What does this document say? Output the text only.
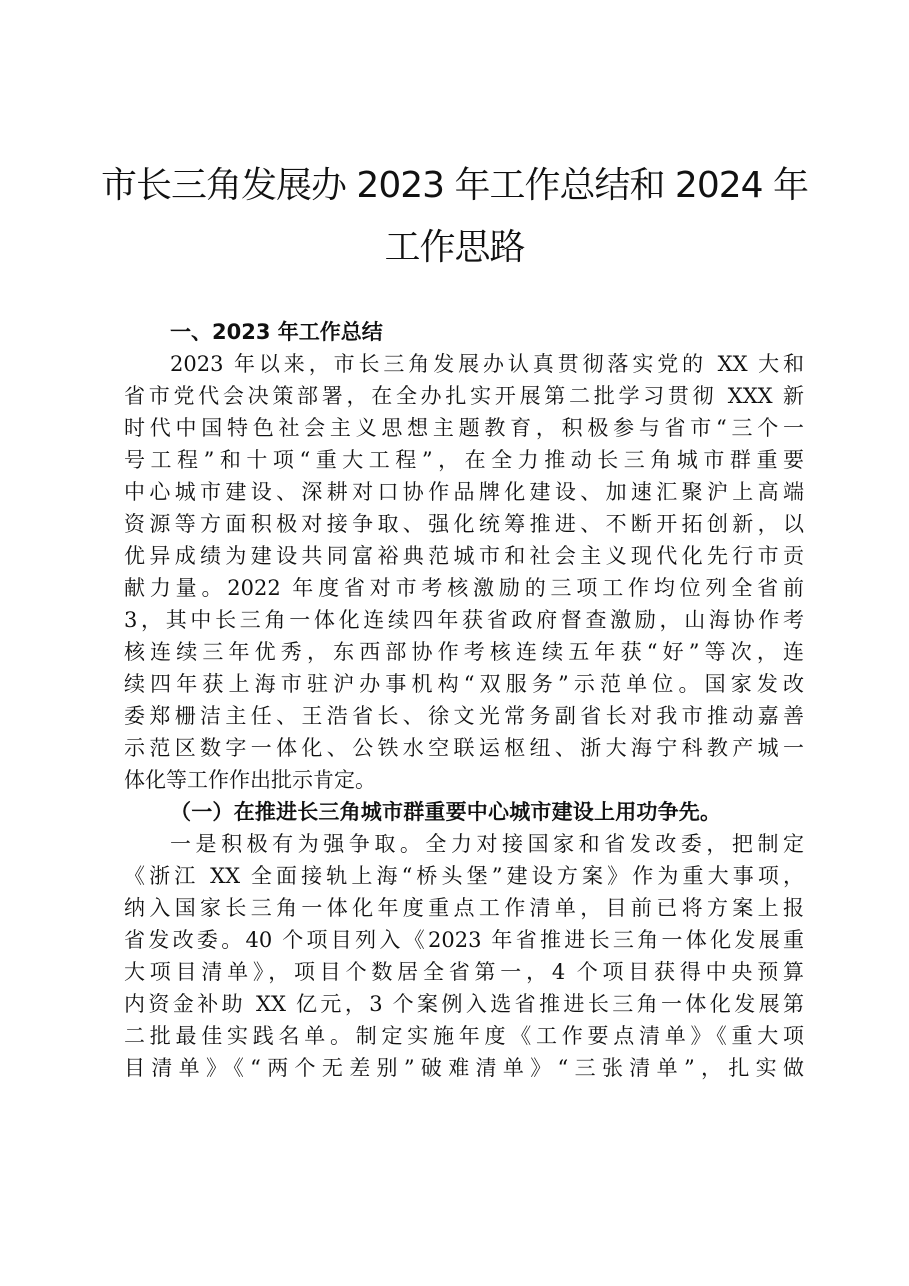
市长三角发展办 2023 年工作总结和 2024 年
工作思路
一、2023 年工作总结
2023 年以来，市长三角发展办认真贯彻落实党的 XX 大和
省市党代会决策部署，在全办扎实开展第二批学习贯彻 XXX 新
时代中国特色社会主义思想主题教育，积极参与省市“三个一
号工程”和十项“重大工程”，在全力推动长三角城市群重要
中心城市建设、深耕对口协作品牌化建设、加速汇聚沪上高端
资源等方面积极对接争取、强化统筹推进、不断开拓创新，以
优异成绩为建设共同富裕典范城市和社会主义现代化先行市贡
献力量。2022 年度省对市考核激励的三项工作均位列全省前
3，其中长三角一体化连续四年获省政府督查激励，山海协作考
核连续三年优秀，东西部协作考核连续五年获“好”等次，连
续四年获上海市驻沪办事机构“双服务”示范单位。国家发改
委郑栅洁主任、王浩省长、徐文光常务副省长对我市推动嘉善
示范区数字一体化、公铁水空联运枢纽、浙大海宁科教产城一
体化等工作作出批示肯定。
（一）在推进长三角城市群重要中心城市建设上用功争先。
一是积极有为强争取。全力对接国家和省发改委，把制定
《浙江 XX 全面接轨上海“桥头堡”建设方案》作为重大事项，
纳入国家长三角一体化年度重点工作清单，目前已将方案上报
省发改委。40 个项目列入《2023 年省推进长三角一体化发展重
大项目清单》，项目个数居全省第一，4 个项目获得中央预算
内资金补助 XX 亿元，3 个案例入选省推进长三角一体化发展第
二批最佳实践名单。制定实施年度《工作要点清单》《重大项
目清单》《“两个无差别”破难清单》“三张清单”，扎实做
